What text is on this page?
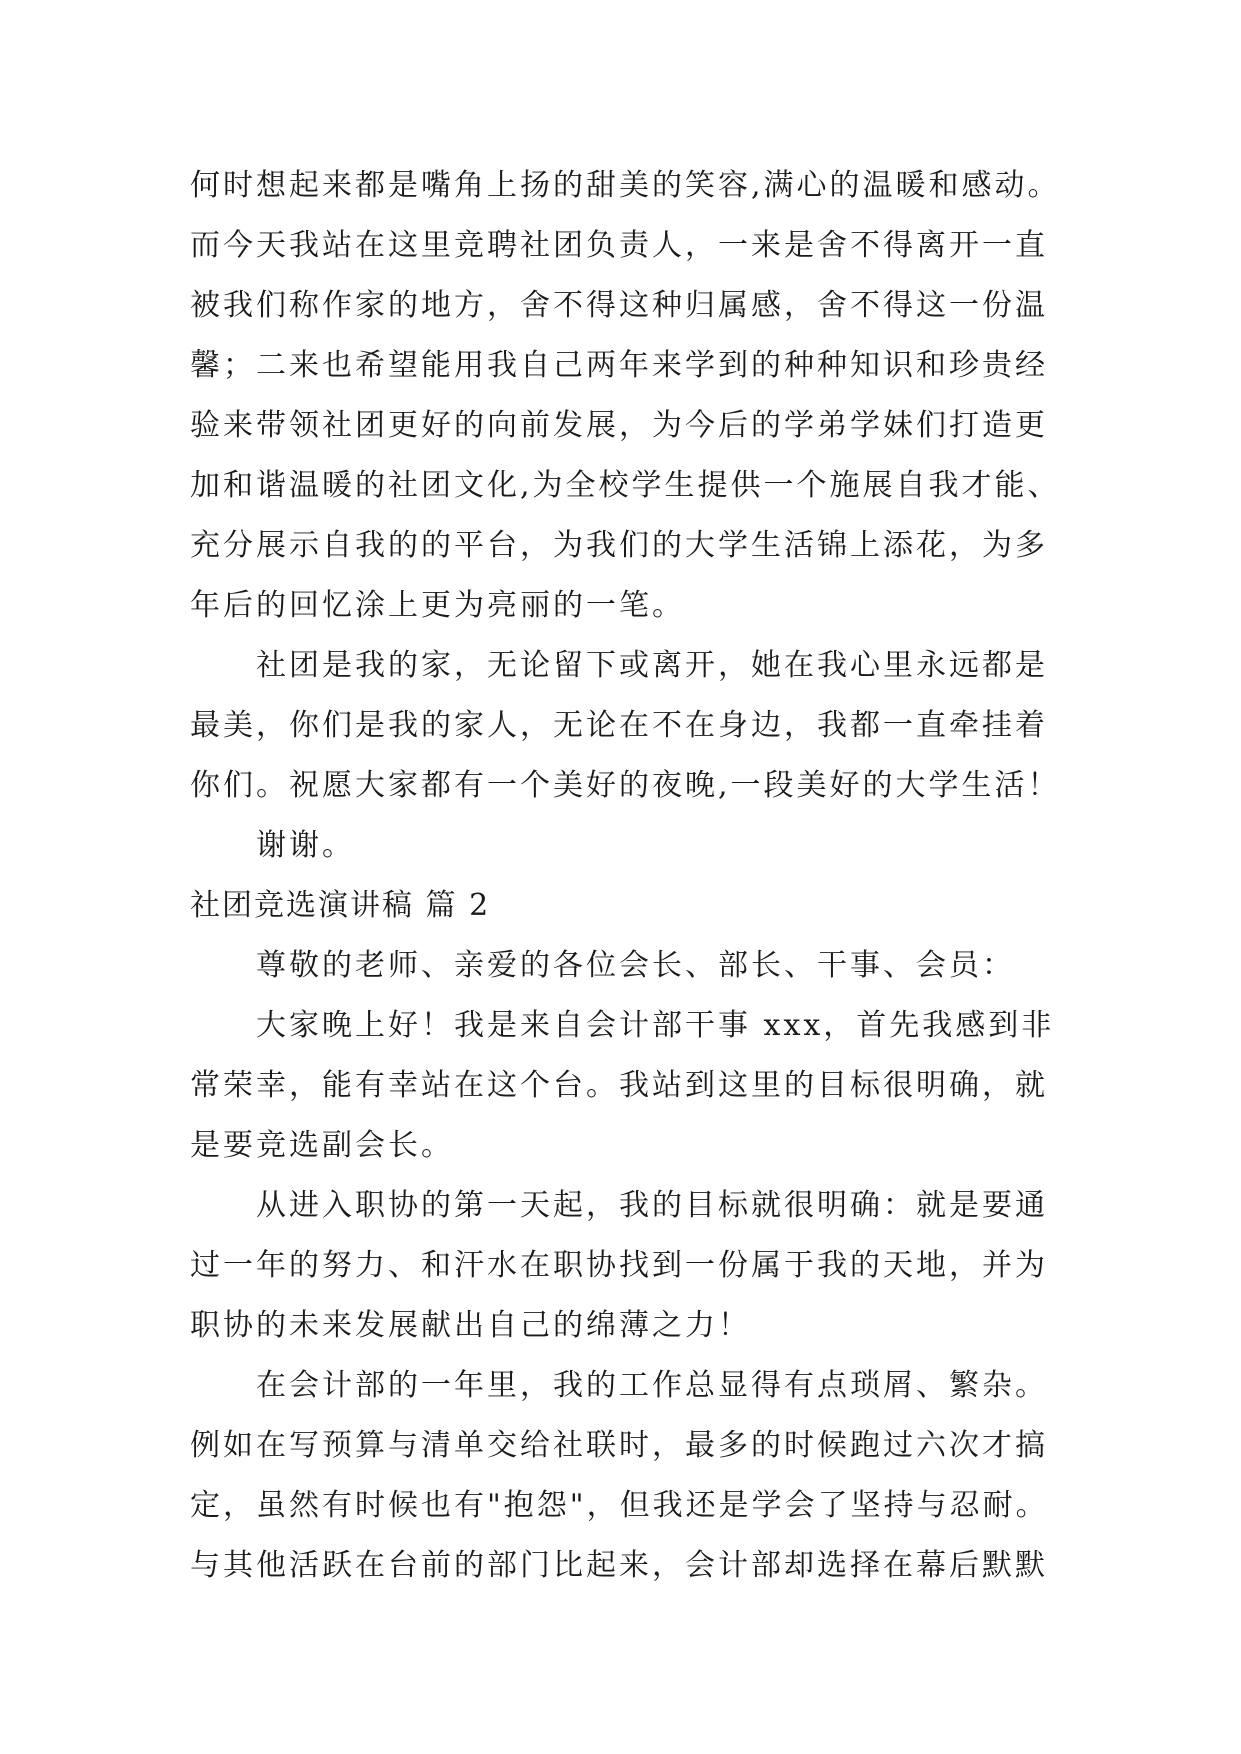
何时想起来都是嘴角上扬的甜美的笑容,满心的温暖和感动。
而今天我站在这里竞聘社团负责人，一来是舍不得离开一直
被我们称作家的地方，舍不得这种归属感，舍不得这一份温
馨；二来也希望能用我自己两年来学到的种种知识和珍贵经
验来带领社团更好的向前发展，为今后的学弟学妹们打造更
加和谐温暖的社团文化,为全校学生提供一个施展自我才能、
充分展示自我的的平台，为我们的大学生活锦上添花，为多
年后的回忆涂上更为亮丽的一笔。
社团是我的家，无论留下或离开，她在我心里永远都是
最美，你们是我的家人，无论在不在身边，我都一直牵挂着
你们。祝愿大家都有一个美好的夜晚,一段美好的大学生活！
谢谢。
社团竞选演讲稿 篇 2
尊敬的老师、亲爱的各位会长、部长、干事、会员：
大家晚上好！我是来自会计部干事 xxx，首先我感到非
常荣幸，能有幸站在这个台。我站到这里的目标很明确，就
是要竞选副会长。
从进入职协的第一天起，我的目标就很明确：就是要通
过一年的努力、和汗水在职协找到一份属于我的天地，并为
职协的未来发展献出自己的绵薄之力！
在会计部的一年里，我的工作总显得有点琐屑、繁杂。
例如在写预算与清单交给社联时，最多的时候跑过六次才搞
定，虽然有时候也有"抱怨"，但我还是学会了坚持与忍耐。
与其他活跃在台前的部门比起来，会计部却选择在幕后默默
